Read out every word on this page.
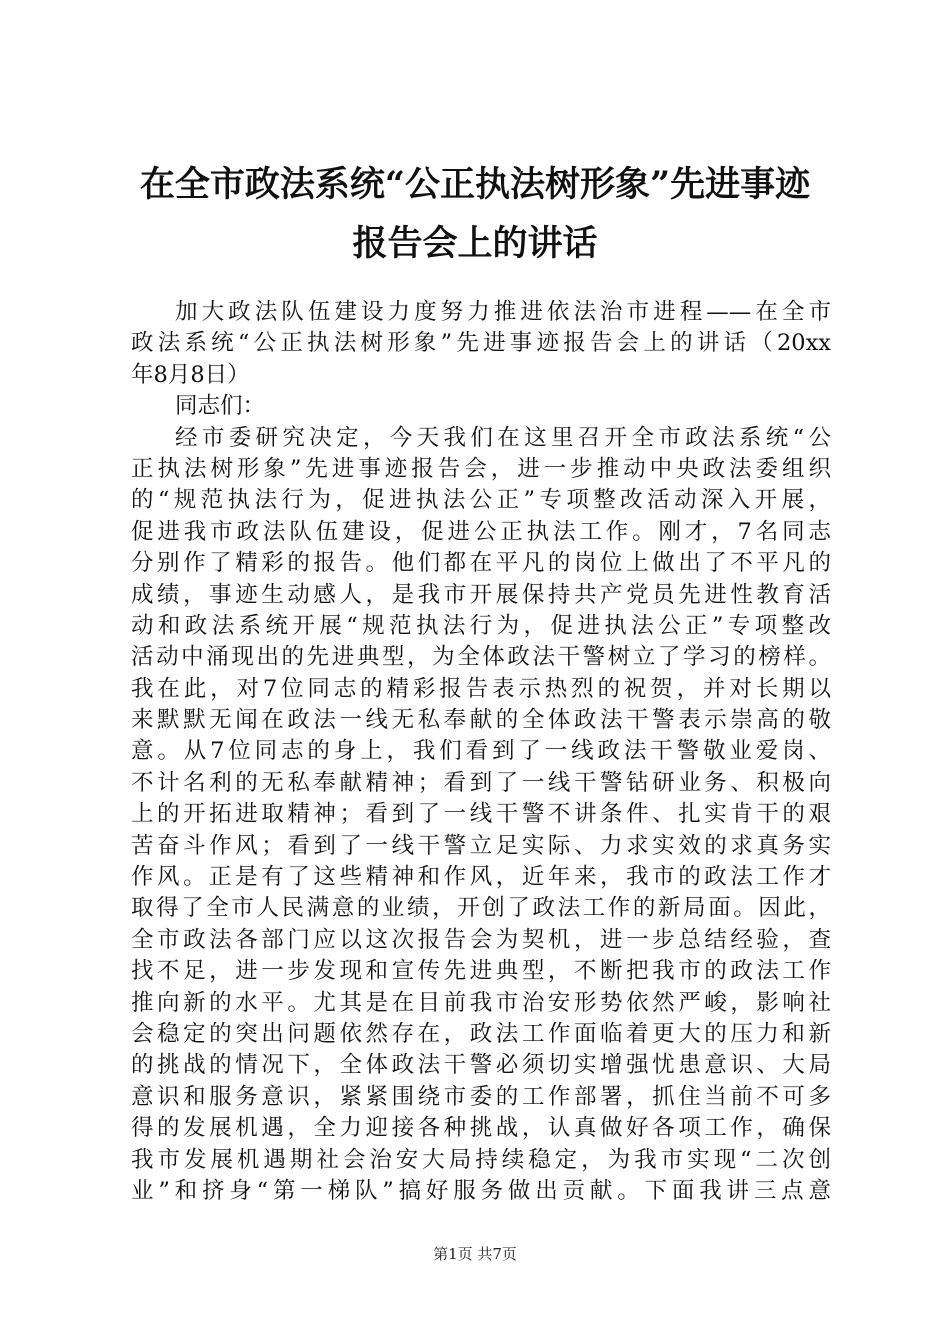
在全市政法系统“公正执法树形象”先进事迹
报告会上的讲话
加大政法队伍建设力度努力推进依法治市进程——在全市
政法系统“公正执法树形象”先进事迹报告会上的讲话（20xx
年8月8日）
同志们：
经市委研究决定，今天我们在这里召开全市政法系统“公
正执法树形象”先进事迹报告会，进一步推动中央政法委组织
的“规范执法行为，促进执法公正”专项整改活动深入开展，
促进我市政法队伍建设，促进公正执法工作。刚才，7名同志
分别作了精彩的报告。他们都在平凡的岗位上做出了不平凡的
成绩，事迹生动感人，是我市开展保持共产党员先进性教育活
动和政法系统开展“规范执法行为，促进执法公正”专项整改
活动中涌现出的先进典型，为全体政法干警树立了学习的榜样。
我在此，对7位同志的精彩报告表示热烈的祝贺，并对长期以
来默默无闻在政法一线无私奉献的全体政法干警表示崇高的敬
意。从7位同志的身上，我们看到了一线政法干警敬业爱岗、
不计名利的无私奉献精神；看到了一线干警钻研业务、积极向
上的开拓进取精神；看到了一线干警不讲条件、扎实肯干的艰
苦奋斗作风；看到了一线干警立足实际、力求实效的求真务实
作风。正是有了这些精神和作风，近年来，我市的政法工作才
取得了全市人民满意的业绩，开创了政法工作的新局面。因此，
全市政法各部门应以这次报告会为契机，进一步总结经验，查
找不足，进一步发现和宣传先进典型，不断把我市的政法工作
推向新的水平。尤其是在目前我市治安形势依然严峻，影响社
会稳定的突出问题依然存在，政法工作面临着更大的压力和新
的挑战的情况下，全体政法干警必须切实增强忧患意识、大局
意识和服务意识，紧紧围绕市委的工作部署，抓住当前不可多
得的发展机遇，全力迎接各种挑战，认真做好各项工作，确保
我市发展机遇期社会治安大局持续稳定，为我市实现“二次创
业”和挤身“第一梯队”搞好服务做出贡献。下面我讲三点意
第1页 共7页
